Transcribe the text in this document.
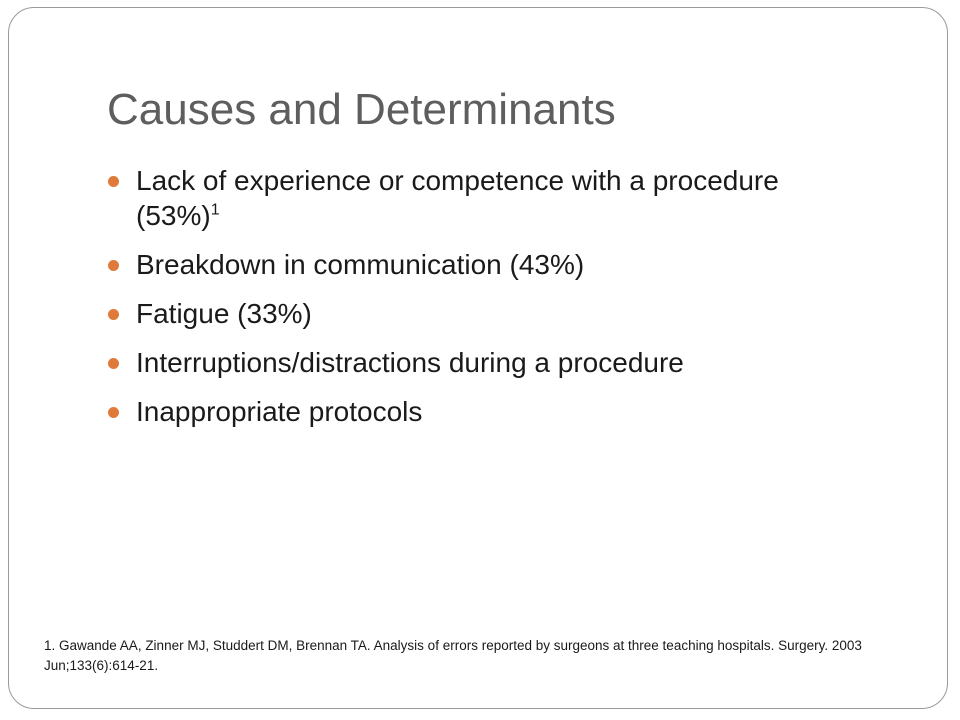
Causes and Determinants
Lack of experience or competence with a procedure $(53\%)^1$
Breakdown in communication (43%)
Fatigue (33%)
Interruptions/distractions during a procedure
Inappropriate protocols

1. Gawande AA, Zinner MJ, Studdert DM, Brennan TA. Analysis of errors reported by surgeons at three teaching hospitals. Surgery. 2003 Jun;133(6):614-21.
